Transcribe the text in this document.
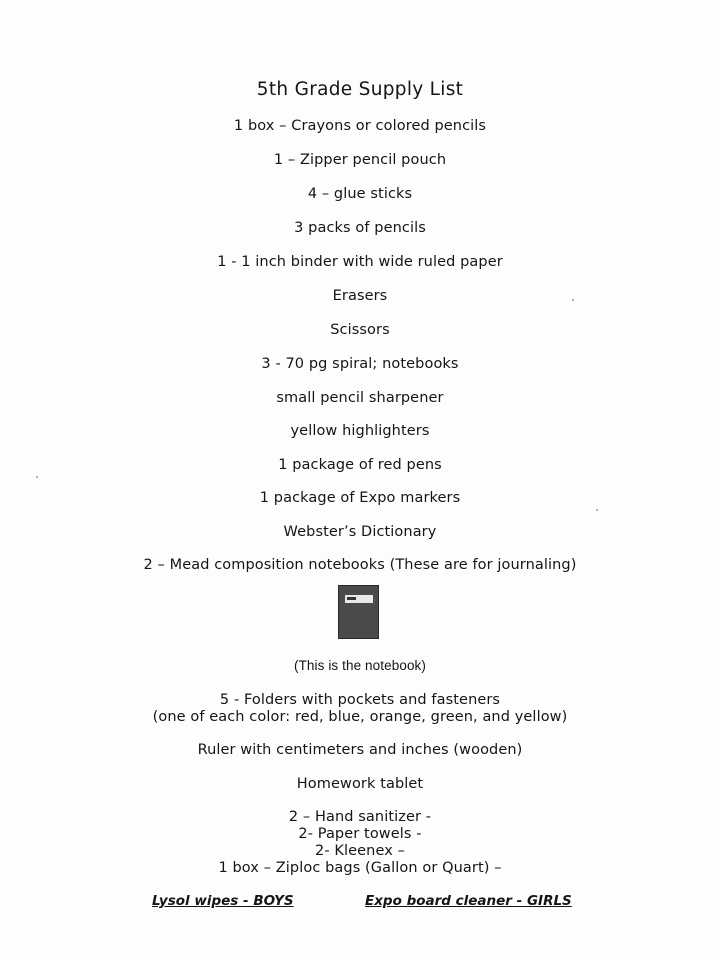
5th Grade Supply List
1 box – Crayons or colored pencils
1 – Zipper pencil pouch
4 – glue sticks
3 packs of pencils
1 - 1 inch binder with wide ruled paper
Erasers
Scissors
3 - 70 pg spiral; notebooks
small pencil sharpener
yellow highlighters
1 package of red pens
1 package of Expo markers
Webster’s Dictionary
2 – Mead composition notebooks (These are for journaling)
(This is the notebook)
5 - Folders with pockets and fasteners
(one of each color: red, blue, orange, green, and yellow)
Ruler with centimeters and inches (wooden)
Homework tablet
2 – Hand sanitizer -
2- Paper towels -
2- Kleenex –
1 box – Ziploc bags (Gallon or Quart) –
Lysol wipes - BOYS	Expo board cleaner - GIRLS
